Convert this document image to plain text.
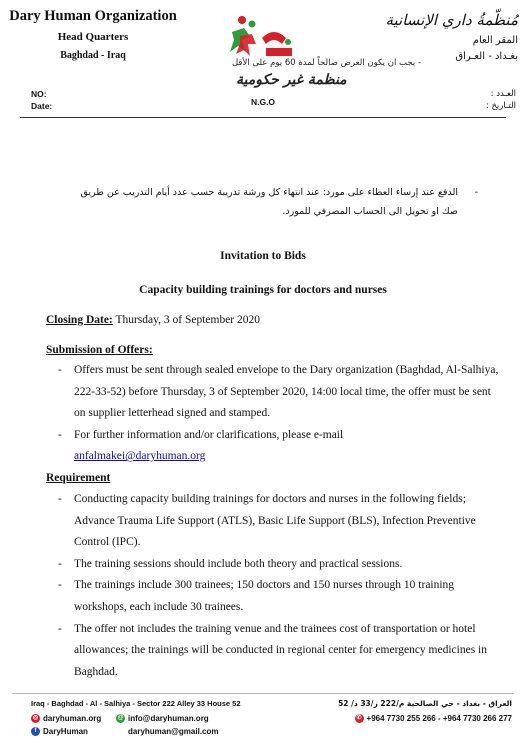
Dary Human Organization
Head Quarters
Baghdad - Iraq
مُنظّمةُ داري الإنسانية
المقر العام
بغـداد - العـراق
منظمة غير حكومية
- يجب ان يكون العرض صالحاً لمدة 60 يوم على الأقل
N.G.O
NO:
Date:
العـدد :
التـاريخ :
-
الدفع عند إرساء العطاء على مورد: عند انتهاء كل ورشة تدريبة حسب عدد أيام التدريب عن طريق صك او تحويل الى الحساب المصرفي للمورد.
Invitation to Bids
Capacity building trainings for doctors and nurses
Closing Date: Thursday, 3 of September 2020
Submission of Offers:
- Offers must be sent through sealed envelope to the Dary organization (Baghdad, Al-Salhiya, 222-33-52) before Thursday, 3 of September 2020, 14:00 local time, the offer must be sent on supplier letterhead signed and stamped.
- For further information and/or clarifications, please e-mail
anfalmakei@daryhuman.org
Requirement
- Conducting capacity building trainings for doctors and nurses in the following fields; Advance Trauma Life Support (ATLS), Basic Life Support (BLS), Infection Preventive Control (IPC).
- The training sessions should include both theory and practical sessions.
- The trainings include 300 trainees; 150 doctors and 150 nurses through 10 training workshops, each include 30 trainees.
- The offer not includes the training venue and the trainees cost of transportation or hotel allowances; the trainings will be conducted in regional center for emergency medicines in Baghdad.
Iraq - Baghdad - Al - Salhiya - Sector 222 Alley 33 House 52	العراق - بغداد - حي الصالحية م/222 ز/33 د/ 52
◎ daryhuman.org
f DaryHuman
@ info@daryhuman.org
daryhuman@gmail.com
✆ +964 7730 255 266 - +964 7730 266 277
